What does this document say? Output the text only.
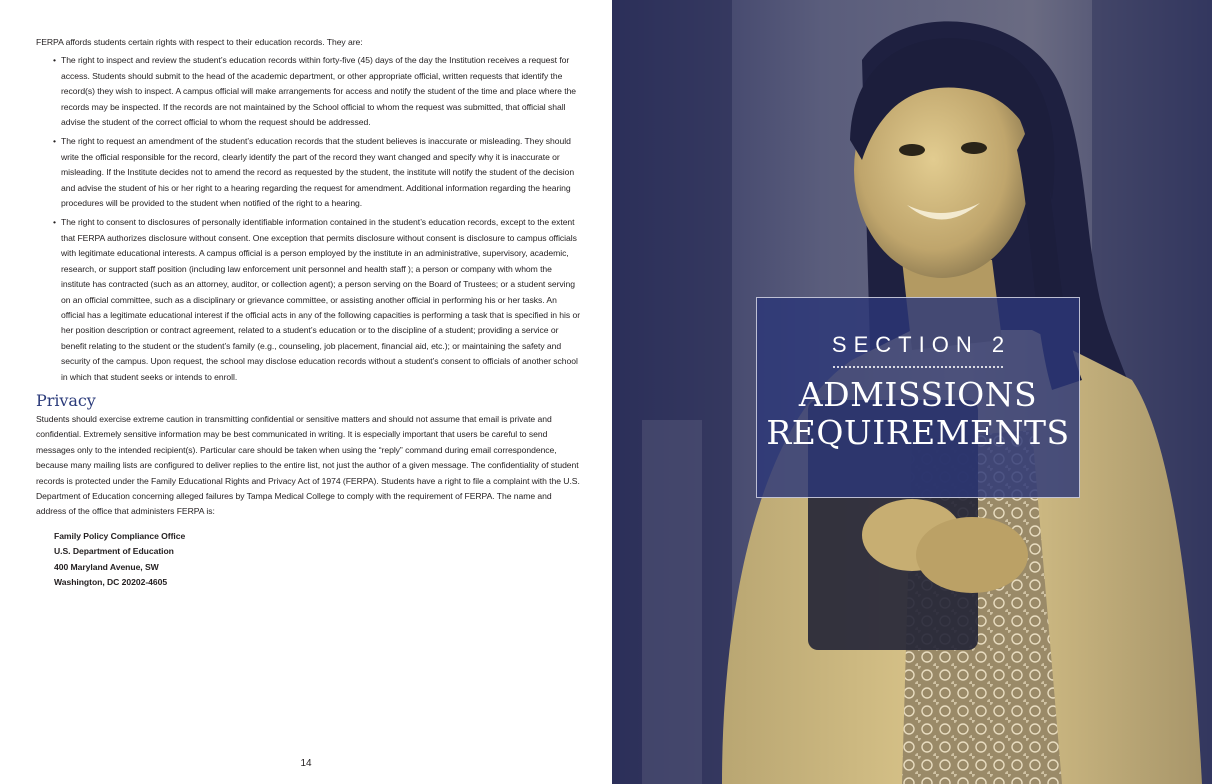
FERPA affords students certain rights with respect to their education records. They are:

• The right to inspect and review the student’s education records within forty-five (45) days of the day the Institution receives a request for access. Students should submit to the head of the academic department, or other appropriate official, written requests that identify the record(s) they wish to inspect. A campus official will make arrangements for access and notify the student of the time and place where the records may be inspected. If the records are not maintained by the School official to whom the request was submitted, that official shall advise the student of the correct official to whom the request should be addressed.
• The right to request an amendment of the student’s education records that the student believes is inaccurate or misleading. They should write the official responsible for the record, clearly identify the part of the record they want changed and specify why it is inaccurate or misleading. If the Institute decides not to amend the record as requested by the student, the institute will notify the student of the decision and advise the student of his or her right to a hearing regarding the request for amendment. Additional information regarding the hearing procedures will be provided to the student when notified of the right to a hearing.
• The right to consent to disclosures of personally identifiable information contained in the student’s education records, except to the extent that FERPA authorizes disclosure without consent. One exception that permits disclosure without consent is disclosure to campus officials with legitimate educational interests. A campus official is a person employed by the institute in an administrative, supervisory, academic, research, or support staff position (including law enforcement unit personnel and health staff ); a person or company with whom the institute has contracted (such as an attorney, auditor, or collection agent); a person serving on the Board of Trustees; or a student serving on an official committee, such as a disciplinary or grievance committee, or assisting another official in performing his or her tasks. An official has a legitimate educational interest if the official acts in any of the following capacities is performing a task that is specified in his or her position description or contract agreement, related to a student’s education or to the discipline of a student; providing a service or benefit relating to the student or the student’s family (e.g., counseling, job placement, financial aid, etc.); or maintaining the safety and security of the campus. Upon request, the school may disclose education records without a student’s consent to officials of another school in which that student seeks or intends to enroll.
Privacy

Students should exercise extreme caution in transmitting confidential or sensitive matters and should not assume that email is private and confidential. Extremely sensitive information may be best communicated in writing. It is especially important that users be careful to send messages only to the intended recipient(s). Particular care should be taken when using the “reply” command during email correspondence, because many mailing lists are configured to deliver replies to the entire list, not just the author of a given message. The confidentiality of student records is protected under the Family Educational Rights and Privacy Act of 1974 (FERPA). Students have a right to file a complaint with the U.S. Department of Education concerning alleged failures by Tampa Medical College to comply with the requirement of FERPA. The name and address of the office that administers FERPA is:

Family Policy Compliance Office
U.S. Department of Education
400 Maryland Avenue, SW
Washington, DC 20202-4605
14
SECTION 2
ADMISSIONS
REQUIREMENTS
